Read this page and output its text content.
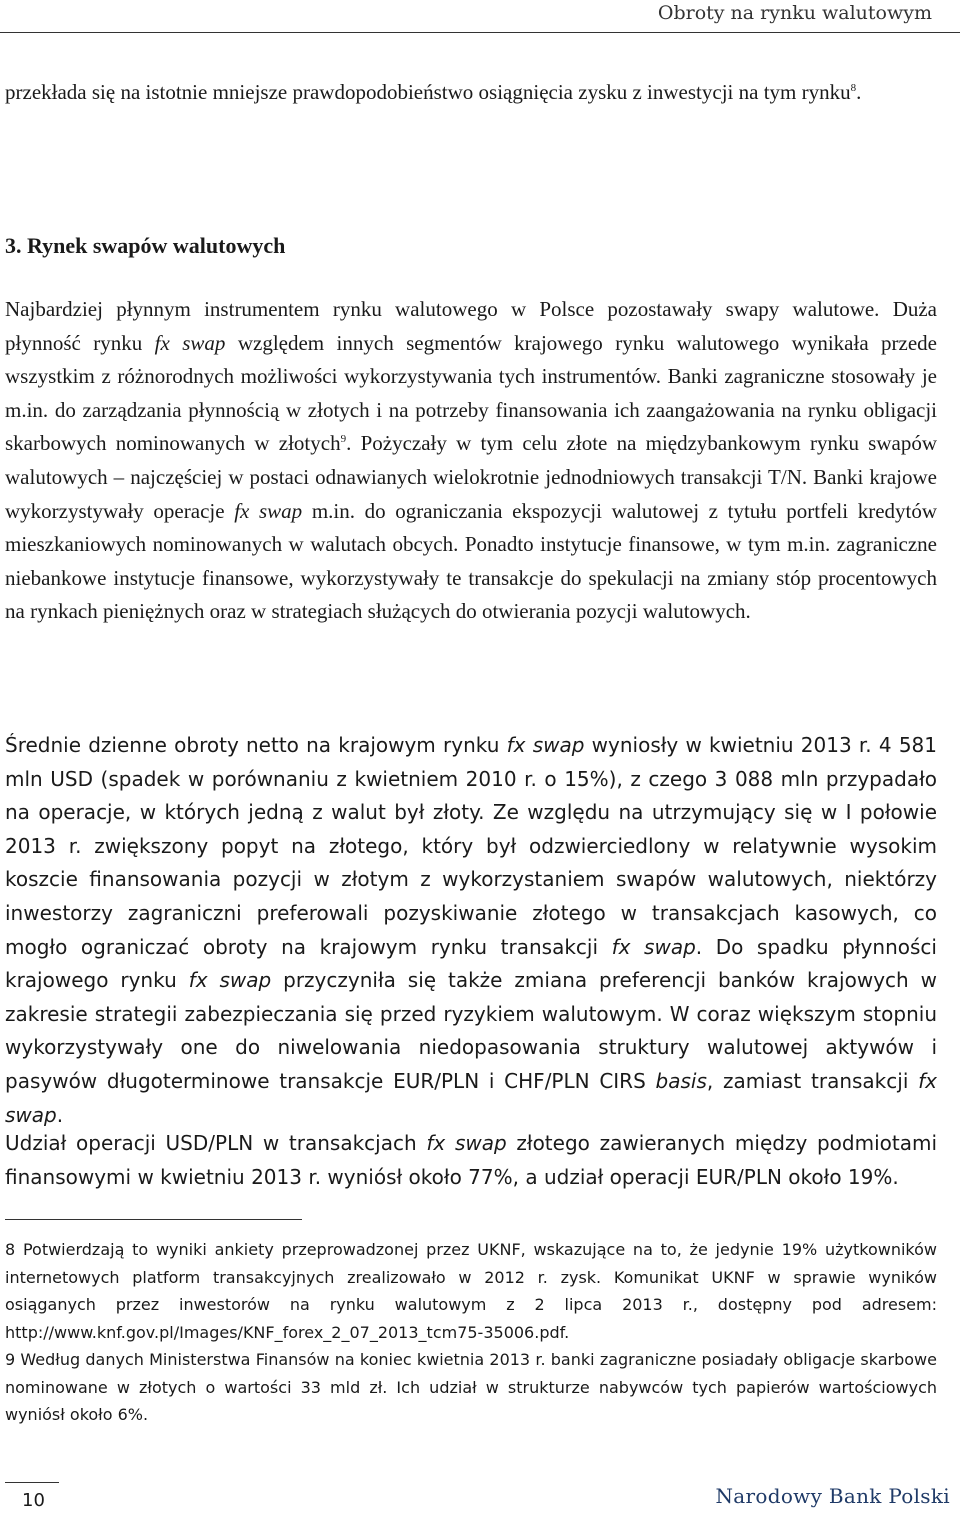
Obroty na rynku walutowym

przekłada się na istotnie mniejsze prawdopodobieństwo osiągnięcia zysku z inwestycji na tym rynku$^8$.

3. Rynek swapów walutowych

Najbardziej płynnym instrumentem rynku walutowego w Polsce pozostawały swapy walutowe. Duża płynność rynku fx swap względem innych segmentów krajowego rynku walutowego wynikała przede wszystkim z różnorodnych możliwości wykorzystywania tych instrumentów. Banki zagraniczne stosowały je m.in. do zarządzania płynnością w złotych i na potrzeby finansowania ich zaangażowania na rynku obligacji skarbowych nominowanych w złotych$^9$. Pożyczały w tym celu złote na międzybankowym rynku swapów walutowych – najczęściej w postaci odnawianych wielokrotnie jednodniowych transakcji T/N. Banki krajowe wykorzystywały operacje fx swap m.in. do ograniczania ekspozycji walutowej z tytułu portfeli kredytów mieszkaniowych nominowanych w walutach obcych. Ponadto instytucje finansowe, w tym m.in. zagraniczne niebankowe instytucje finansowe, wykorzystywały te transakcje do spekulacji na zmiany stóp procentowych na rynkach pieniężnych oraz w strategiach służących do otwierania pozycji walutowych.

Średnie dzienne obroty netto na krajowym rynku fx swap wyniosły w kwietniu 2013 r. 4 581 mln USD (spadek w porównaniu z kwietniem 2010 r. o 15%), z czego 3 088 mln przypadało na operacje, w których jedną z walut był złoty. Ze względu na utrzymujący się w I połowie 2013 r. zwiększony popyt na złotego, który był odzwierciedlony w relatywnie wysokim koszcie finansowania pozycji w złotym z wykorzystaniem swapów walutowych, niektórzy inwestorzy zagraniczni preferowali pozyskiwanie złotego w transakcjach kasowych, co mogło ograniczać obroty na krajowym rynku transakcji fx swap. Do spadku płynności krajowego rynku fx swap przyczyniła się także zmiana preferencji banków krajowych w zakresie strategii zabezpieczania się przed ryzykiem walutowym. W coraz większym stopniu wykorzystywały one do niwelowania niedopasowania struktury walutowej aktywów i pasywów długoterminowe transakcje EUR/PLN i CHF/PLN CIRS basis, zamiast transakcji fx swap.

Udział operacji USD/PLN w transakcjach fx swap złotego zawieranych między podmiotami finansowymi w kwietniu 2013 r. wyniósł około 77%, a udział operacji EUR/PLN około 19%.

8 Potwierdzają to wyniki ankiety przeprowadzonej przez UKNF, wskazujące na to, że jedynie 19% użytkowników internetowych platform transakcyjnych zrealizowało w 2012 r. zysk. Komunikat UKNF w sprawie wyników osiąganych przez inwestorów na rynku walutowym z 2 lipca 2013 r., dostępny pod adresem: http://www.knf.gov.pl/Images/KNF_forex_2_07_2013_tcm75-35006.pdf.

9 Według danych Ministerstwa Finansów na koniec kwietnia 2013 r. banki zagraniczne posiadały obligacje skarbowe nominowane w złotych o wartości 33 mld zł. Ich udział w strukturze nabywców tych papierów wartościowych wyniósł około 6%.

10	Narodowy Bank Polski
